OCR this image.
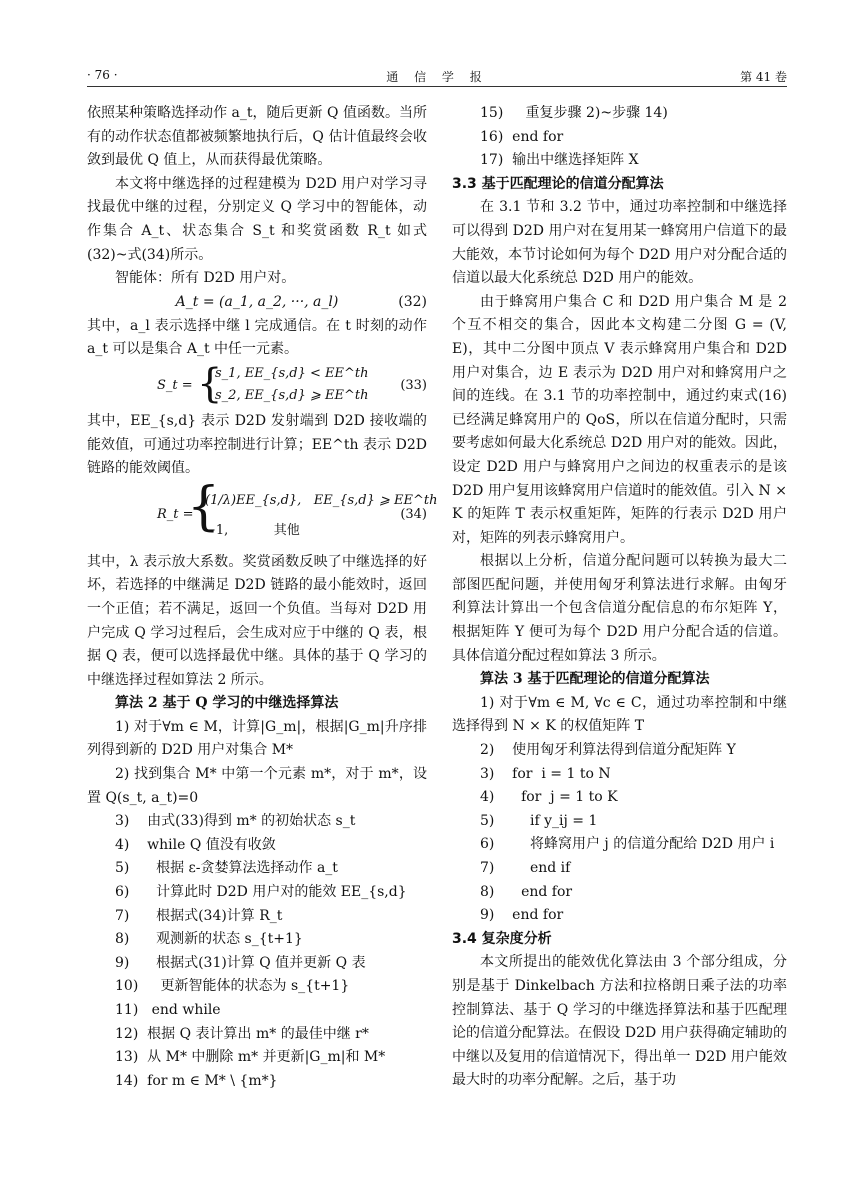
· 76 ·	通 信 学 报	第 41 卷

依照某种策略选择动作 a_t，随后更新 Q 值函数。当所有的动作状态值都被频繁地执行后，Q 估计值最终会收敛到最优 Q 值上，从而获得最优策略。

本文将中继选择的过程建模为 D2D 用户对学习寻找最优中继的过程，分别定义 Q 学习中的智能体，动作集合 A_t、状态集合 S_t 和奖赏函数 R_t 如式(32)~式(34)所示。

智能体：所有 D2D 用户对。

A_t = (a_1, a_2, ···, a_l)	(32)

其中，a_l 表示选择中继 l 完成通信。在 t 时刻的动作 a_t 可以是集合 A_t 中任一元素。

S_t = {
s_1, EE_{s,d} < EE^th
s_2, EE_{s,d} ⩾ EE^th
(33)

其中，EE_{s,d} 表示 D2D 发射端到 D2D 接收端的能效值，可通过功率控制进行计算；EE^th 表示 D2D 链路的能效阈值。

R_t =
{
(1/λ)EE_{s,d},   EE_{s,d} ⩾ EE^th
−1,           其他
(34)

其中，λ 表示放大系数。奖赏函数反映了中继选择的好坏，若选择的中继满足 D2D 链路的最小能效时，返回一个正值；若不满足，返回一个负值。当每对 D2D 用户完成 Q 学习过程后，会生成对应于中继的 Q 表，根据 Q 表，便可以选择最优中继。具体的基于 Q 学习的中继选择过程如算法 2 所示。

算法 2 基于 Q 学习的中继选择算法

1) 对于∀m ∈ M，计算|G_m|，根据|G_m|升序排列得到新的 D2D 用户对集合 M*

2) 找到集合 M* 中第一个元素 m*，对于 m*，设置 Q(s_t, a_t)=0

3)    由式(33)得到 m* 的初始状态 s_t
4)    while Q 值没有收敛
5)      根据 ε-贪婪算法选择动作 a_t
6)      计算此时 D2D 用户对的能效 EE_{s,d}
7)      根据式(34)计算 R_t
8)      观测新的状态 s_{t+1}
9)      根据式(31)计算 Q 值并更新 Q 表
10)     更新智能体的状态为 s_{t+1}
11)   end while
12)  根据 Q 表计算出 m* 的最佳中继 r*
13)  从 M* 中删除 m* 并更新|G_m|和 M*
14)  for m ∈ M* \ {m*}
15)     重复步骤 2)~步骤 14)
16)  end for
17)  输出中继选择矩阵 X

3.3 基于匹配理论的信道分配算法

在 3.1 节和 3.2 节中，通过功率控制和中继选择可以得到 D2D 用户对在复用某一蜂窝用户信道下的最大能效，本节讨论如何为每个 D2D 用户对分配合适的信道以最大化系统总 D2D 用户的能效。

由于蜂窝用户集合 C 和 D2D 用户集合 M 是 2 个互不相交的集合，因此本文构建二分图 G = (V, E)，其中二分图中顶点 V 表示蜂窝用户集合和 D2D 用户对集合，边 E 表示为 D2D 用户对和蜂窝用户之间的连线。在 3.1 节的功率控制中，通过约束式(16)已经满足蜂窝用户的 QoS，所以在信道分配时，只需要考虑如何最大化系统总 D2D 用户对的能效。因此，设定 D2D 用户与蜂窝用户之间边的权重表示的是该 D2D 用户复用该蜂窝用户信道时的能效值。引入 N × K 的矩阵 T 表示权重矩阵，矩阵的行表示 D2D 用户对，矩阵的列表示蜂窝用户。

根据以上分析，信道分配问题可以转换为最大二部图匹配问题，并使用匈牙利算法进行求解。由匈牙利算法计算出一个包含信道分配信息的布尔矩阵 Y，根据矩阵 Y 便可为每个 D2D 用户分配合适的信道。具体信道分配过程如算法 3 所示。

算法 3 基于匹配理论的信道分配算法

1) 对于∀m ∈ M, ∀c ∈ C，通过功率控制和中继选择得到 N × K 的权值矩阵 T

2)    使用匈牙利算法得到信道分配矩阵 Y
3)    for  i = 1 to N
4)      for  j = 1 to K
5)        if y_ij = 1
6)        将蜂窝用户 j 的信道分配给 D2D 用户 i
7)        end if
8)      end for
9)    end for

3.4 复杂度分析

本文所提出的能效优化算法由 3 个部分组成，分别是基于 Dinkelbach 方法和拉格朗日乘子法的功率控制算法、基于 Q 学习的中继选择算法和基于匹配理论的信道分配算法。在假设 D2D 用户获得确定辅助的中继以及复用的信道情况下，得出单一 D2D 用户能效最大时的功率分配解。之后，基于功
